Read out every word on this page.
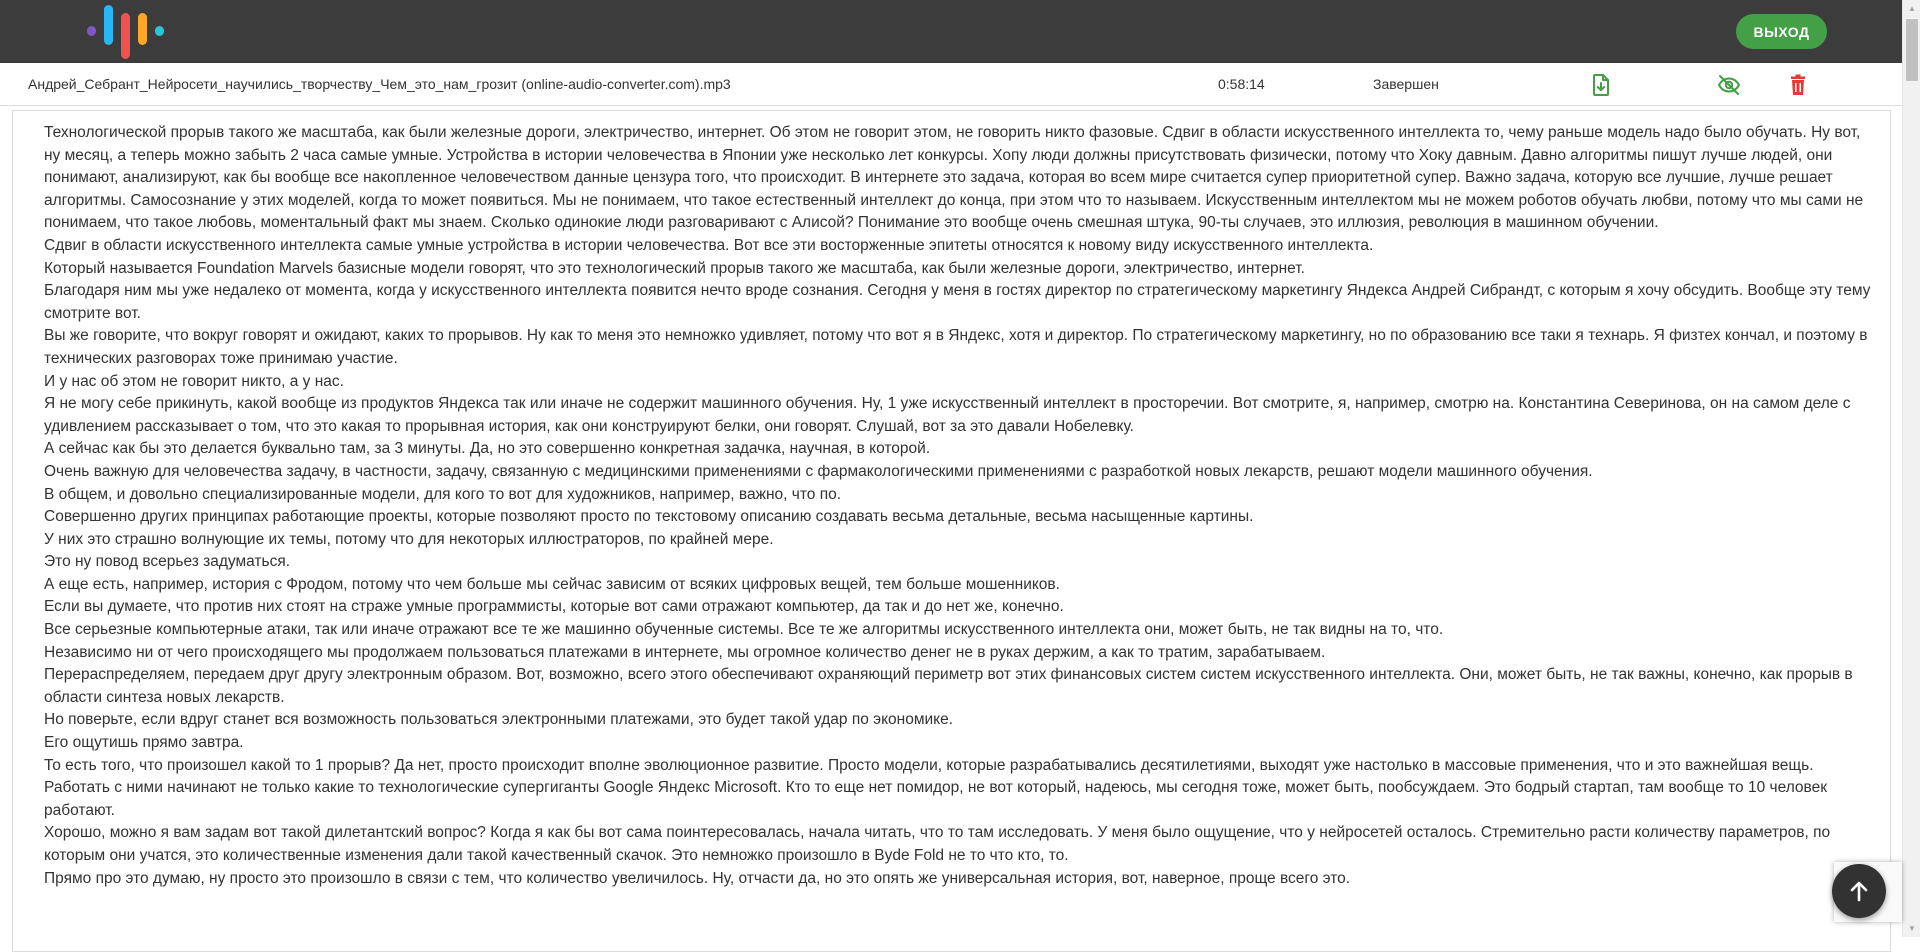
ВЫХОД
Андрей_Себрант_Нейросети_научились_творчеству_Чем_это_нам_грозит (online-audio-converter.com).mp3	0:58:14	Завершен

Технологической прорыв такого же масштаба, как были железные дороги, электричество, интернет. Об этом не говорит этом, не говорить никто фазовые. Сдвиг в области искусственного интеллекта то, чему раньше модель надо было обучать. Ну вот, ну месяц, а теперь можно забыть 2 часа самые умные. Устройства в истории человечества в Японии уже несколько лет конкурсы. Хопу люди должны присутствовать физически, потому что Хоку давным. Давно алгоритмы пишут лучше людей, они понимают, анализируют, как бы вообще все накопленное человечеством данные цензура того, что происходит. В интернете это задача, которая во всем мире считается супер приоритетной супер. Важно задача, которую все лучшие, лучше решает алгоритмы. Самосознание у этих моделей, когда то может появиться. Мы не понимаем, что такое естественный интеллект до конца, при этом что то называем. Искусственным интеллектом мы не можем роботов обучать любви, потому что мы сами не понимаем, что такое любовь, моментальный факт мы знаем. Сколько одинокие люди разговаривают с Алисой? Понимание это вообще очень смешная штука, 90-ты случаев, это иллюзия, революция в машинном обучении.

Сдвиг в области искусственного интеллекта самые умные устройства в истории человечества. Вот все эти восторженные эпитеты относятся к новому виду искусственного интеллекта.

Который называется Foundation Marvels базисные модели говорят, что это технологический прорыв такого же масштаба, как были железные дороги, электричество, интернет.

Благодаря ним мы уже недалеко от момента, когда у искусственного интеллекта появится нечто вроде сознания. Сегодня у меня в гостях директор по стратегическому маркетингу Яндекса Андрей Сибрандт, с которым я хочу обсудить. Вообще эту тему смотрите вот.

Вы же говорите, что вокруг говорят и ожидают, каких то прорывов. Ну как то меня это немножко удивляет, потому что вот я в Яндекс, хотя и директор. По стратегическому маркетингу, но по образованию все таки я технарь. Я физтех кончал, и поэтому в технических разговорах тоже принимаю участие.

И у нас об этом не говорит никто, а у нас.

Я не могу себе прикинуть, какой вообще из продуктов Яндекса так или иначе не содержит машинного обучения. Ну, 1 уже искусственный интеллект в просторечии. Вот смотрите, я, например, смотрю на. Константина Северинова, он на самом деле с удивлением рассказывает о том, что это какая то прорывная история, как они конструируют белки, они говорят. Слушай, вот за это давали Нобелевку.

А сейчас как бы это делается буквально там, за 3 минуты. Да, но это совершенно конкретная задачка, научная, в которой.

Очень важную для человечества задачу, в частности, задачу, связанную с медицинскими применениями с фармакологическими применениями с разработкой новых лекарств, решают модели машинного обучения.

В общем, и довольно специализированные модели, для кого то вот для художников, например, важно, что по.

Совершенно других принципах работающие проекты, которые позволяют просто по текстовому описанию создавать весьма детальные, весьма насыщенные картины.

У них это страшно волнующие их темы, потому что для некоторых иллюстраторов, по крайней мере.

Это ну повод всерьез задуматься.

А еще есть, например, история с Фродом, потому что чем больше мы сейчас зависим от всяких цифровых вещей, тем больше мошенников.

Если вы думаете, что против них стоят на страже умные программисты, которые вот сами отражают компьютер, да так и до нет же, конечно.

Все серьезные компьютерные атаки, так или иначе отражают все те же машинно обученные системы. Все те же алгоритмы искусственного интеллекта они, может быть, не так видны на то, что.

Независимо ни от чего происходящего мы продолжаем пользоваться платежами в интернете, мы огромное количество денег не в руках держим, а как то тратим, зарабатываем.

Перераспределяем, передаем друг другу электронным образом. Вот, возможно, всего этого обеспечивают охраняющий периметр вот этих финансовых систем систем искусственного интеллекта. Они, может быть, не так важны, конечно, как прорыв в области синтеза новых лекарств.

Но поверьте, если вдруг станет вся возможность пользоваться электронными платежами, это будет такой удар по экономике.

Его ощутишь прямо завтра.

То есть того, что произошел какой то 1 прорыв? Да нет, просто происходит вполне эволюционное развитие. Просто модели, которые разрабатывались десятилетиями, выходят уже настолько в массовые применения, что и это важнейшая вещь.

Работать с ними начинают не только какие то технологические супергиганты Google Яндекс Microsoft. Кто то еще нет помидор, не вот который, надеюсь, мы сегодня тоже, может быть, пообсуждаем. Это бодрый стартап, там вообще то 10 человек работают.

Хорошо, можно я вам задам вот такой дилетантский вопрос? Когда я как бы вот сама поинтересовалась, начала читать, что то там исследовать. У меня было ощущение, что у нейросетей осталось. Стремительно расти количеству параметров, по которым они учатся, это количественные изменения дали такой качественный скачок. Это немножко произошло в Byde Fold не то что кто, то.

Прямо про это думаю, ну просто это произошло в связи с тем, что количество увеличилось. Ну, отчасти да, но это опять же универсальная история, вот, наверное, проще всего это.

▲
▼
